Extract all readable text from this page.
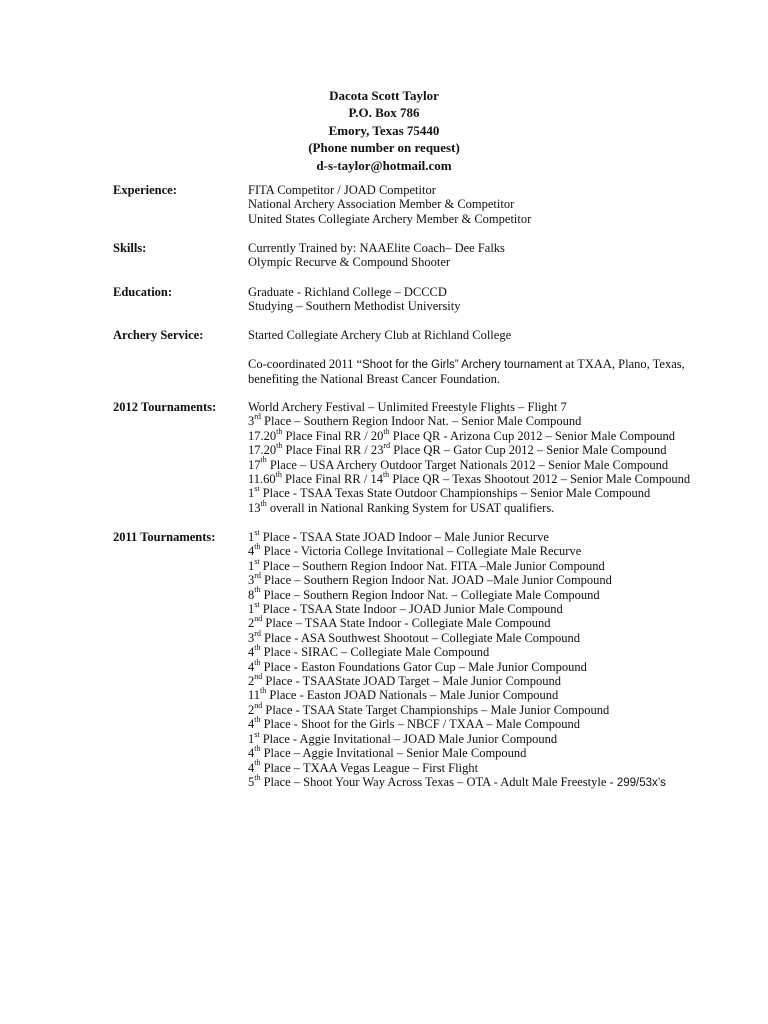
Dacota Scott Taylor
P.O. Box 786
Emory, Texas 75440
(Phone number on request)
d-s-taylor@hotmail.com
Experience:	FITA Competitor / JOAD Competitor
National Archery Association Member & Competitor
United States Collegiate Archery Member & Competitor
Skills:	Currently Trained by: NAAElite Coach– Dee Falks
Olympic Recurve & Compound Shooter
Education:	Graduate - Richland College – DCCCD
Studying – Southern Methodist University
Archery Service:	Started Collegiate Archery Club at Richland College
Co-coordinated 2011 “Shoot for the Girls” Archery tournament at TXAA, Plano, Texas,
benefiting the National Breast Cancer Foundation.
2012 Tournaments:	World Archery Festival – Unlimited Freestyle Flights – Flight 7
3rd Place – Southern Region Indoor Nat. – Senior Male Compound
17.20th Place Final RR / 20th Place QR - Arizona Cup 2012 – Senior Male Compound
17.20th Place Final RR / 23rd Place QR – Gator Cup 2012 – Senior Male Compound
17th Place – USA Archery Outdoor Target Nationals 2012 – Senior Male Compound
11.60th Place Final RR / 14th Place QR – Texas Shootout 2012 – Senior Male Compound
1st Place - TSAA Texas State Outdoor Championships – Senior Male Compound
13th overall in National Ranking System for USAT qualifiers.
2011 Tournaments:	1st Place - TSAA State JOAD Indoor – Male Junior Recurve
4th Place - Victoria College Invitational – Collegiate Male Recurve
1st Place – Southern Region Indoor Nat. FITA –Male Junior Compound
3rd Place – Southern Region Indoor Nat. JOAD –Male Junior Compound
8th Place – Southern Region Indoor Nat. – Collegiate Male Compound
1st Place - TSAA State Indoor – JOAD Junior Male Compound
2nd Place – TSAA State Indoor - Collegiate Male Compound
3rd Place - ASA Southwest Shootout – Collegiate Male Compound
4th Place - SIRAC – Collegiate Male Compound
4th Place - Easton Foundations Gator Cup – Male Junior Compound
2nd Place - TSAAState JOAD Target – Male Junior Compound
11th Place - Easton JOAD Nationals – Male Junior Compound
2nd Place - TSAA State Target Championships – Male Junior Compound
4th Place - Shoot for the Girls – NBCF / TXAA – Male Compound
1st Place - Aggie Invitational – JOAD Male Junior Compound
4th Place – Aggie Invitational – Senior Male Compound
4th Place – TXAA Vegas League – First Flight
5th Place – Shoot Your Way Across Texas – OTA - Adult Male Freestyle - 299/53x’s
